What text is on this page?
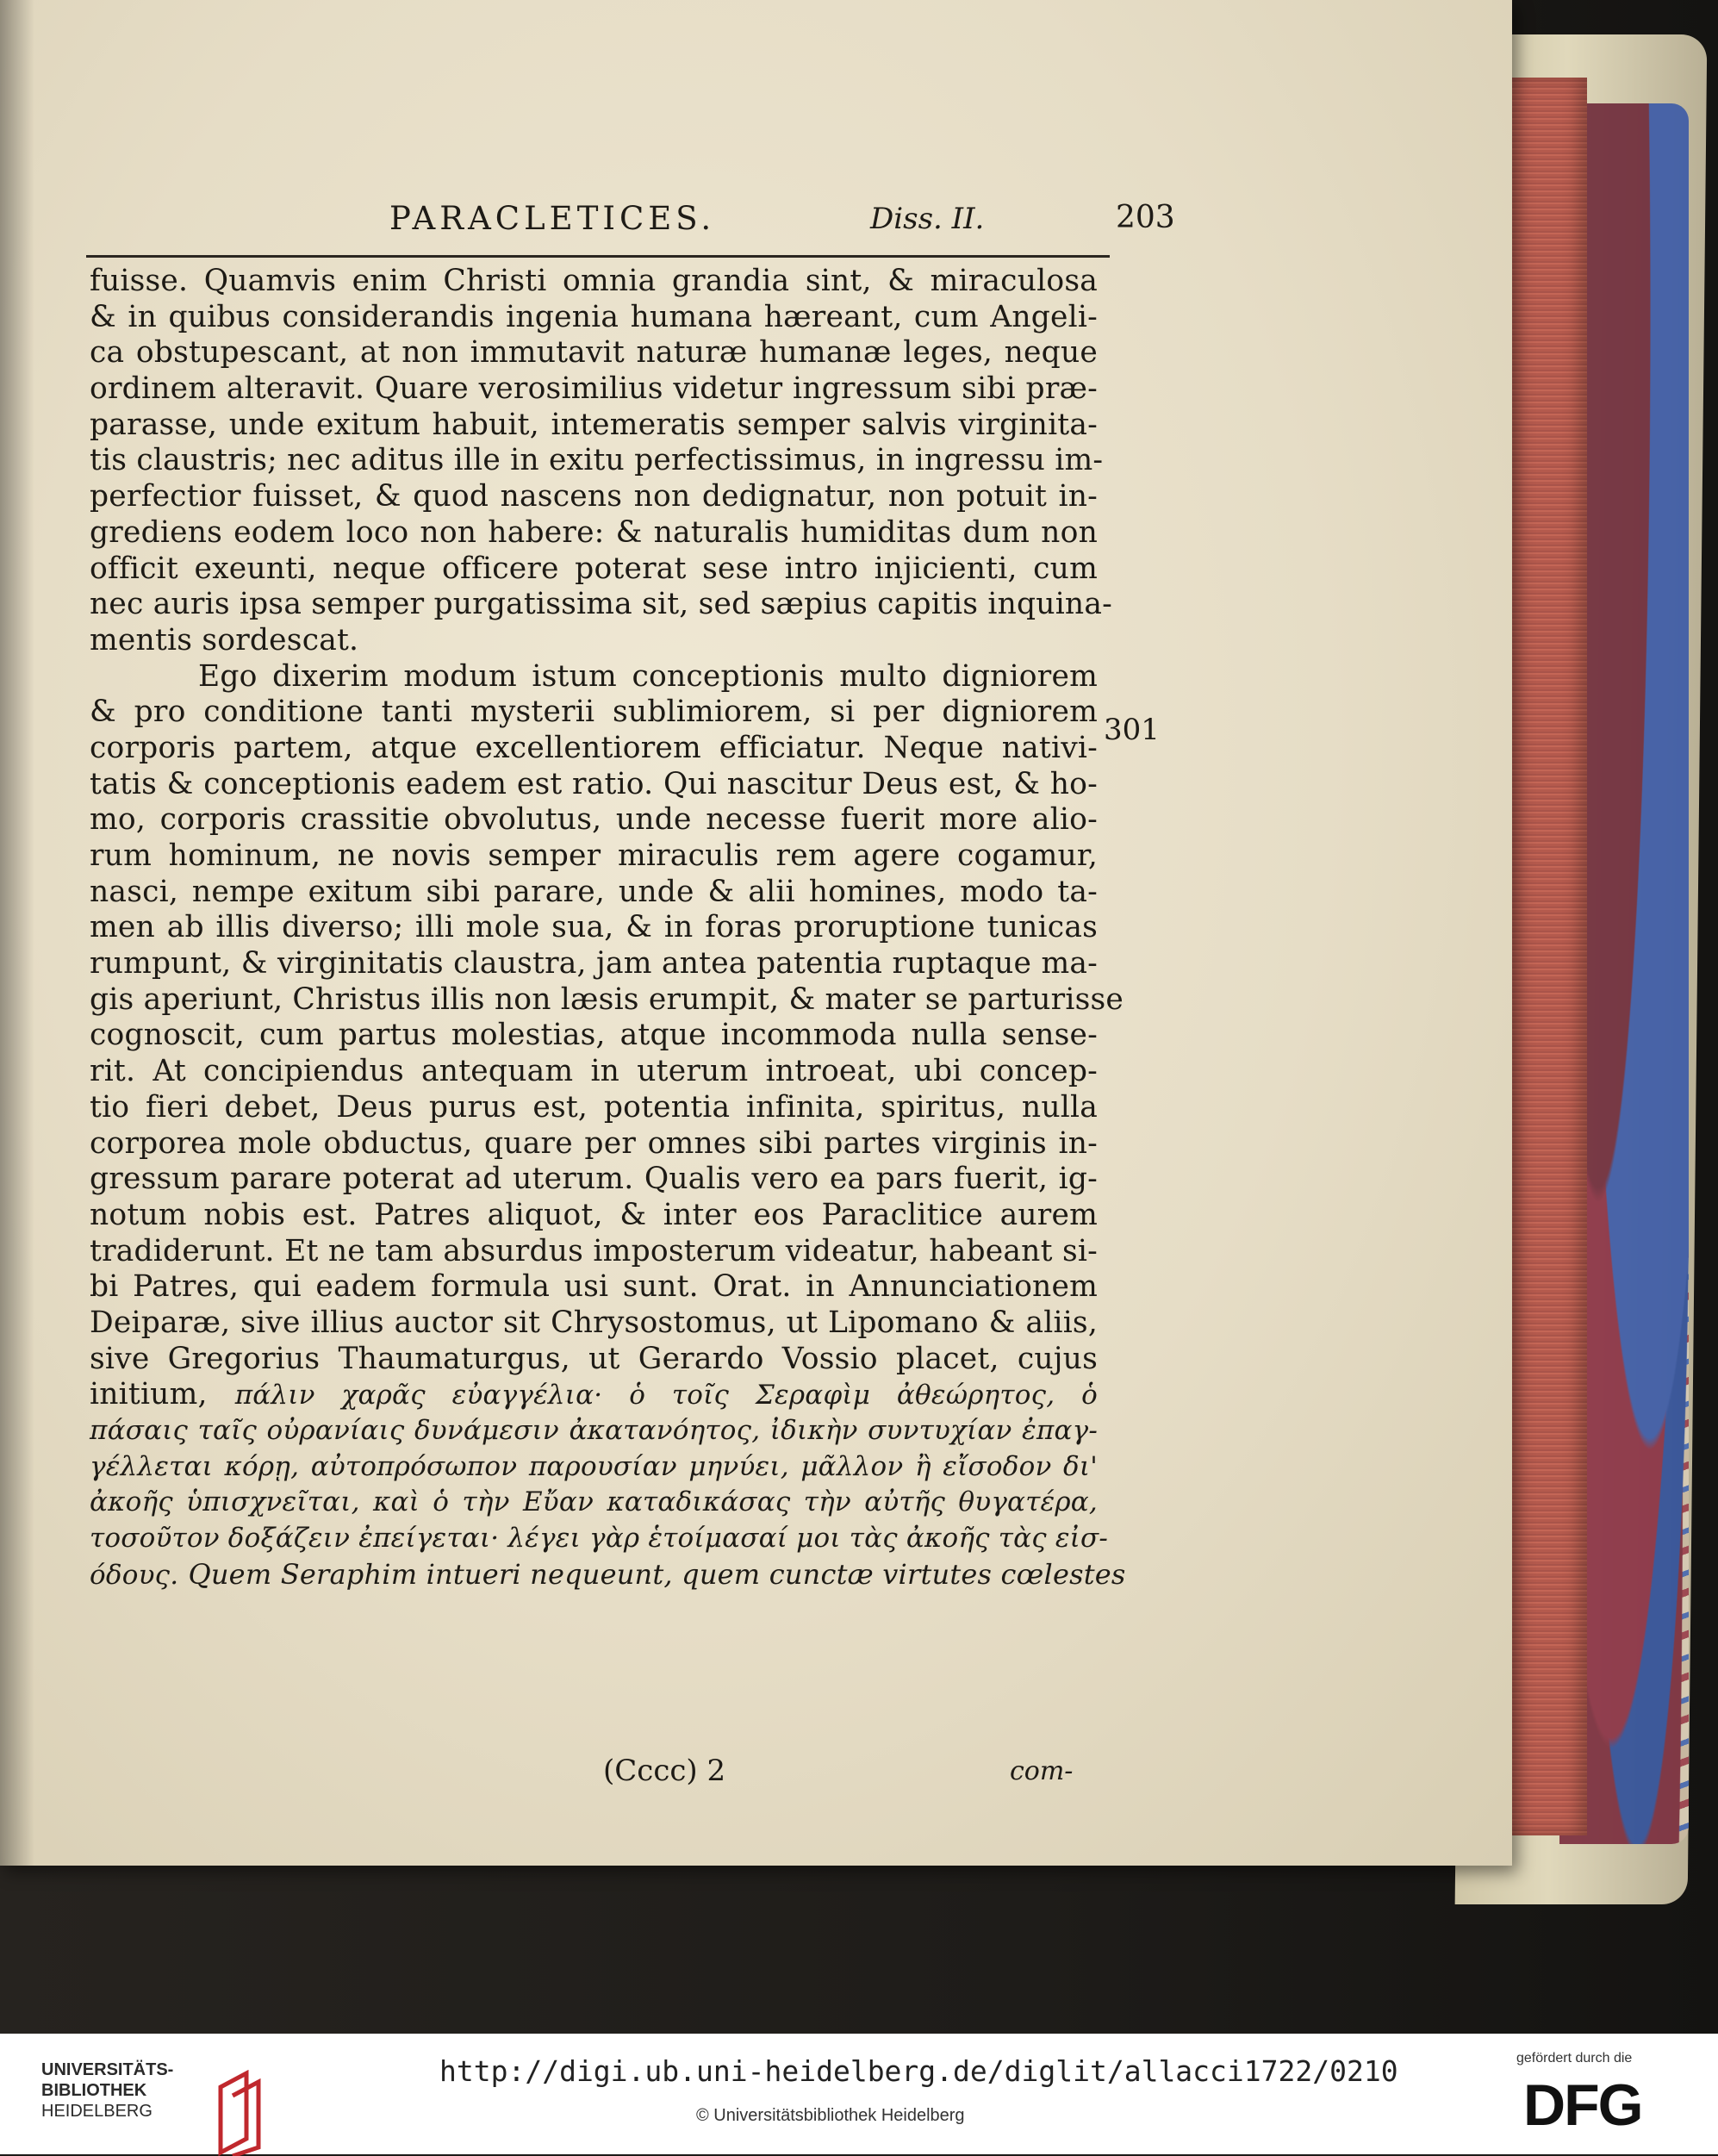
PARACLETICES.	Diss. II.	203
fuisse. Quamvis enim Christi omnia grandia sint, & miraculosa
& in quibus considerandis ingenia humana hæreant, cum Angeli-
ca obstupescant, at non immutavit naturæ humanæ leges, neque
ordinem alteravit. Quare verosimilius videtur ingressum sibi præ-
parasse, unde exitum habuit, intemeratis semper salvis virginita-
tis claustris; nec aditus ille in exitu perfectissimus, in ingressu im-
perfectior fuisset, & quod nascens non dedignatur, non potuit in-
grediens eodem loco non habere: & naturalis humiditas dum non
officit exeunti, neque officere poterat sese intro injicienti, cum
nec auris ipsa semper purgatissima sit, sed sæpius capitis inquina-
mentis sordescat.
Ego dixerim modum istum conceptionis multo digniorem
& pro conditione tanti mysterii sublimiorem, si per digniorem
corporis partem, atque excellentiorem efficiatur. Neque nativi-
tatis & conceptionis eadem est ratio. Qui nascitur Deus est, & ho-
mo, corporis crassitie obvolutus, unde necesse fuerit more alio-
rum hominum, ne novis semper miraculis rem agere cogamur,
nasci, nempe exitum sibi parare, unde & alii homines, modo ta-
men ab illis diverso; illi mole sua, & in foras proruptione tunicas
rumpunt, & virginitatis claustra, jam antea patentia ruptaque ma-
gis aperiunt, Christus illis non læsis erumpit, & mater se parturisse
cognoscit, cum partus molestias, atque incommoda nulla sense-
rit. At concipiendus antequam in uterum introeat, ubi concep-
tio fieri debet, Deus purus est, potentia infinita, spiritus, nulla
corporea mole obductus, quare per omnes sibi partes virginis in-
gressum parare poterat ad uterum. Qualis vero ea pars fuerit, ig-
notum nobis est. Patres aliquot, & inter eos Paraclitice aurem
tradiderunt. Et ne tam absurdus imposterum videatur, habeant si-
bi Patres, qui eadem formula usi sunt. Orat. in Annunciationem
Deiparæ, sive illius auctor sit Chrysostomus, ut Lipomano & aliis,
sive Gregorius Thaumaturgus, ut Gerardo Vossio placet, cujus
initium, πάλιν χαρᾶς εὐαγγέλια· ὁ τοῖς Σεραφὶμ ἀθεώρητος, ὁ
πάσαις ταῖς οὐρανίαις δυνάμεσιν ἀκατανόητος, ἰδικὴν συντυχίαν ἐπαγ-
γέλλεται κόρῃ, αὐτοπρόσωπον παρουσίαν μηνύει, μᾶλλον ἢ εἴσοδον δι'
ἀκοῆς ὑπισχνεῖται, καὶ ὁ τὴν Εὔαν καταδικάσας τὴν αὐτῆς θυγατέρα,
τοσοῦτον δοξάζειν ἐπείγεται· λέγει γὰρ ἑτοίμασαί μοι τὰς ἀκοῆς τὰς εἰσ-
όδους. Quem Seraphim intueri nequeunt, quem cunctæ virtutes cœlestes
301
(Cccc) 2	com-
UNIVERSITÄTS-
BIBLIOTHEK
HEIDELBERG
http://digi.ub.uni-heidelberg.de/diglit/allacci1722/0210
© Universitätsbibliothek Heidelberg
gefördert durch die
DFG
